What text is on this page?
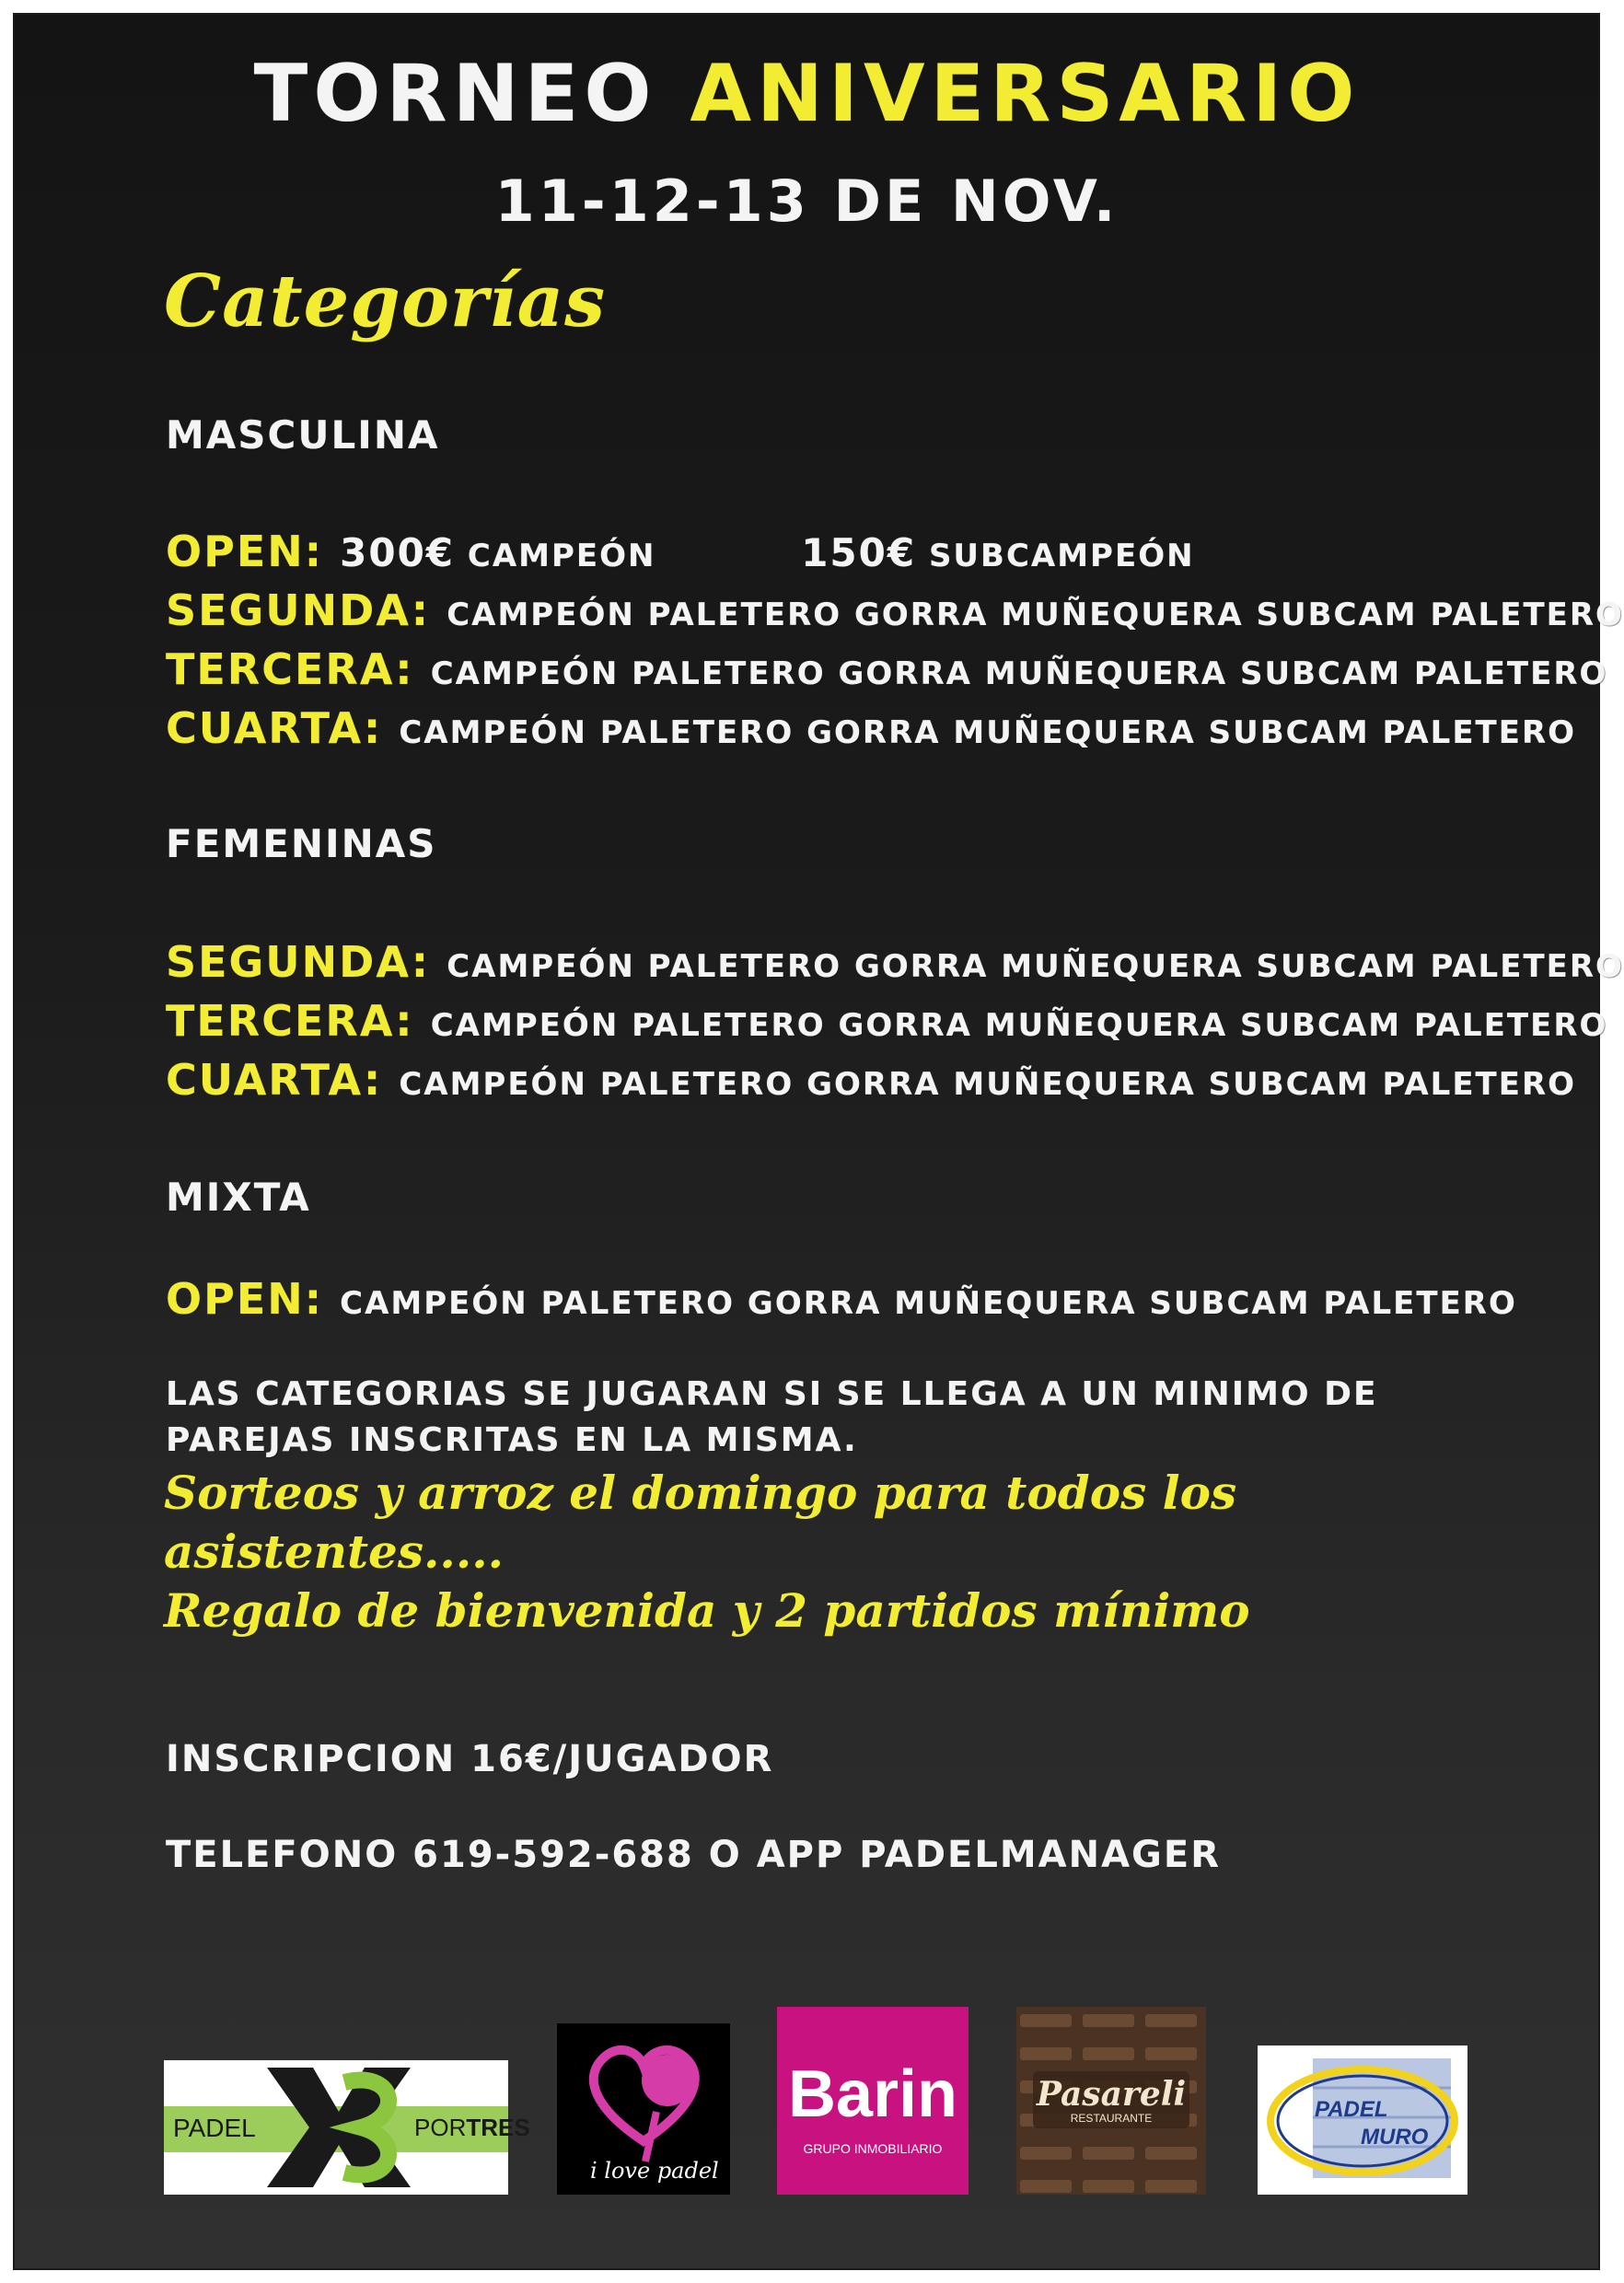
TORNEO ANIVERSARIO
11-12-13 DE NOV.
Categorías
MASCULINA
OPEN: 300€ CAMPEÓN	150€ SUBCAMPEÓN
SEGUNDA: CAMPEÓN PALETERO GORRA MUÑEQUERA SUBCAM PALETERO
TERCERA: CAMPEÓN PALETERO GORRA MUÑEQUERA SUBCAM PALETERO
CUARTA: CAMPEÓN PALETERO GORRA MUÑEQUERA SUBCAM PALETERO
FEMENINAS
SEGUNDA: CAMPEÓN PALETERO GORRA MUÑEQUERA SUBCAM PALETERO
TERCERA: CAMPEÓN PALETERO GORRA MUÑEQUERA SUBCAM PALETERO
CUARTA: CAMPEÓN PALETERO GORRA MUÑEQUERA SUBCAM PALETERO
MIXTA
OPEN: CAMPEÓN PALETERO GORRA MUÑEQUERA SUBCAM PALETERO
LAS CATEGORIAS SE JUGARAN SI SE LLEGA A UN MINIMO DE
PAREJAS INSCRITAS EN LA MISMA.
Sorteos y arroz el domingo para todos los
asistentes.....
Regalo de bienvenida y 2 partidos mínimo
INSCRIPCION 16€/JUGADOR
TELEFONO 619-592-688 O APP PADELMANAGER
PADEL	PORTRES
i love padel
Barin
GRUPO INMOBILIARIO
Pasareli
RESTAURANTE	PADEL
MURO
